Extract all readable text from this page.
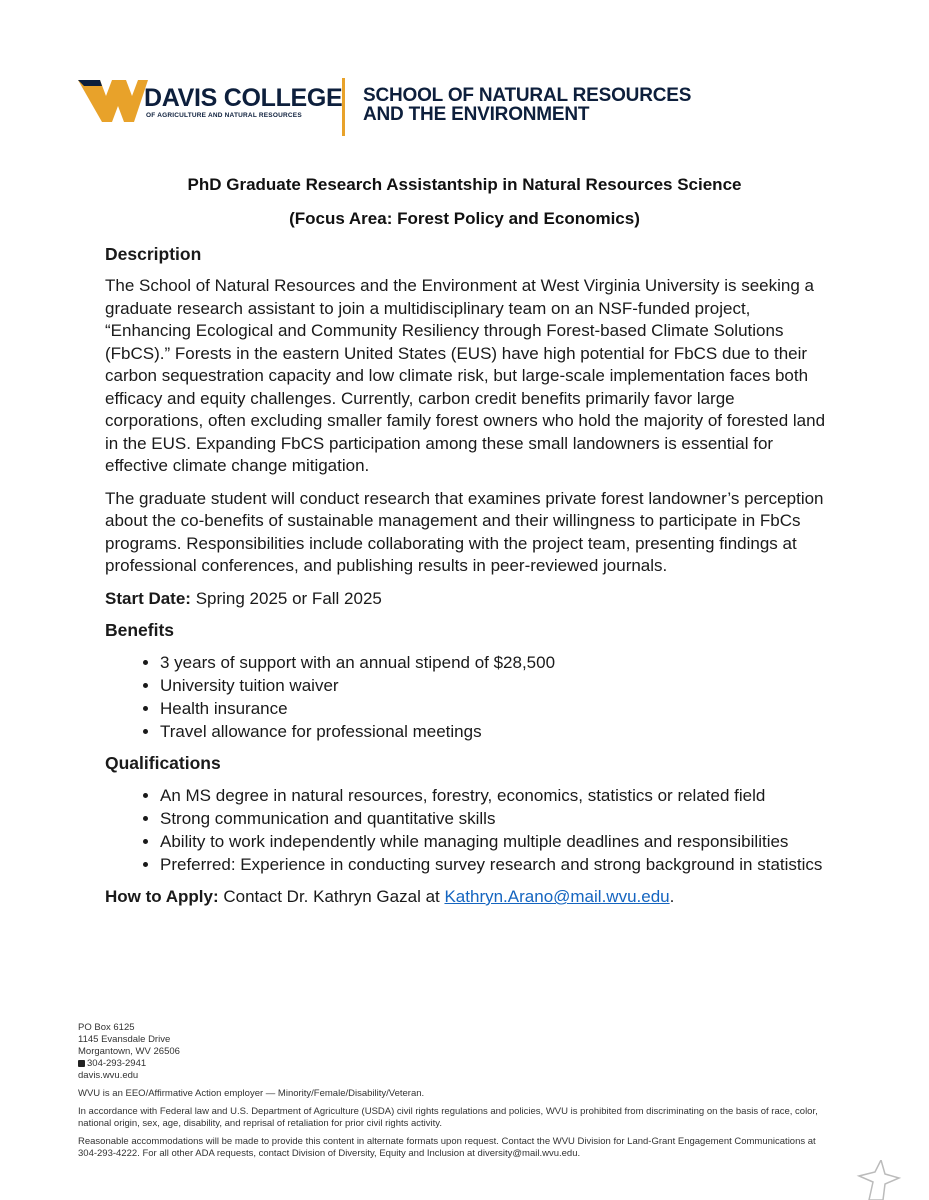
DAVIS COLLEGE
OF AGRICULTURE AND NATURAL RESOURCES
SCHOOL OF NATURAL RESOURCES
AND THE ENVIRONMENT
PhD Graduate Research Assistantship in Natural Resources Science
(Focus Area: Forest Policy and Economics)
Description
The School of Natural Resources and the Environment at West Virginia University is seeking a graduate research assistant to join a multidisciplinary team on an NSF-funded project, “Enhancing Ecological and Community Resiliency through Forest-based Climate Solutions (FbCS).” Forests in the eastern United States (EUS) have high potential for FbCS due to their carbon sequestration capacity and low climate risk, but large-scale implementation faces both efficacy and equity challenges. Currently, carbon credit benefits primarily favor large corporations, often excluding smaller family forest owners who hold the majority of forested land in the EUS. Expanding FbCS participation among these small landowners is essential for effective climate change mitigation.
The graduate student will conduct research that examines private forest landowner’s perception about the co-benefits of sustainable management and their willingness to participate in FbCs programs. Responsibilities include collaborating with the project team, presenting findings at professional conferences, and publishing results in peer-reviewed journals.
Start Date: Spring 2025 or Fall 2025
Benefits
• 3 years of support with an annual stipend of $28,500
• University tuition waiver
• Health insurance
• Travel allowance for professional meetings
Qualifications
• An MS degree in natural resources, forestry, economics, statistics or related field
• Strong communication and quantitative skills
• Ability to work independently while managing multiple deadlines and responsibilities
• Preferred: Experience in conducting survey research and strong background in statistics
How to Apply: Contact Dr. Kathryn Gazal at Kathryn.Arano@mail.wvu.edu.
PO Box 6125
1145 Evansdale Drive
Morgantown, WV 26506
304-293-2941
davis.wvu.edu
WVU is an EEO/Affirmative Action employer — Minority/Female/Disability/Veteran.
In accordance with Federal law and U.S. Department of Agriculture (USDA) civil rights regulations and policies, WVU is prohibited from discriminating on the basis of race, color, national origin, sex, age, disability, and reprisal of retaliation for prior civil rights activity.
Reasonable accommodations will be made to provide this content in alternate formats upon request. Contact the WVU Division for Land-Grant Engagement Communications at 304-293-4222. For all other ADA requests, contact Division of Diversity, Equity and Inclusion at diversity@mail.wvu.edu.
